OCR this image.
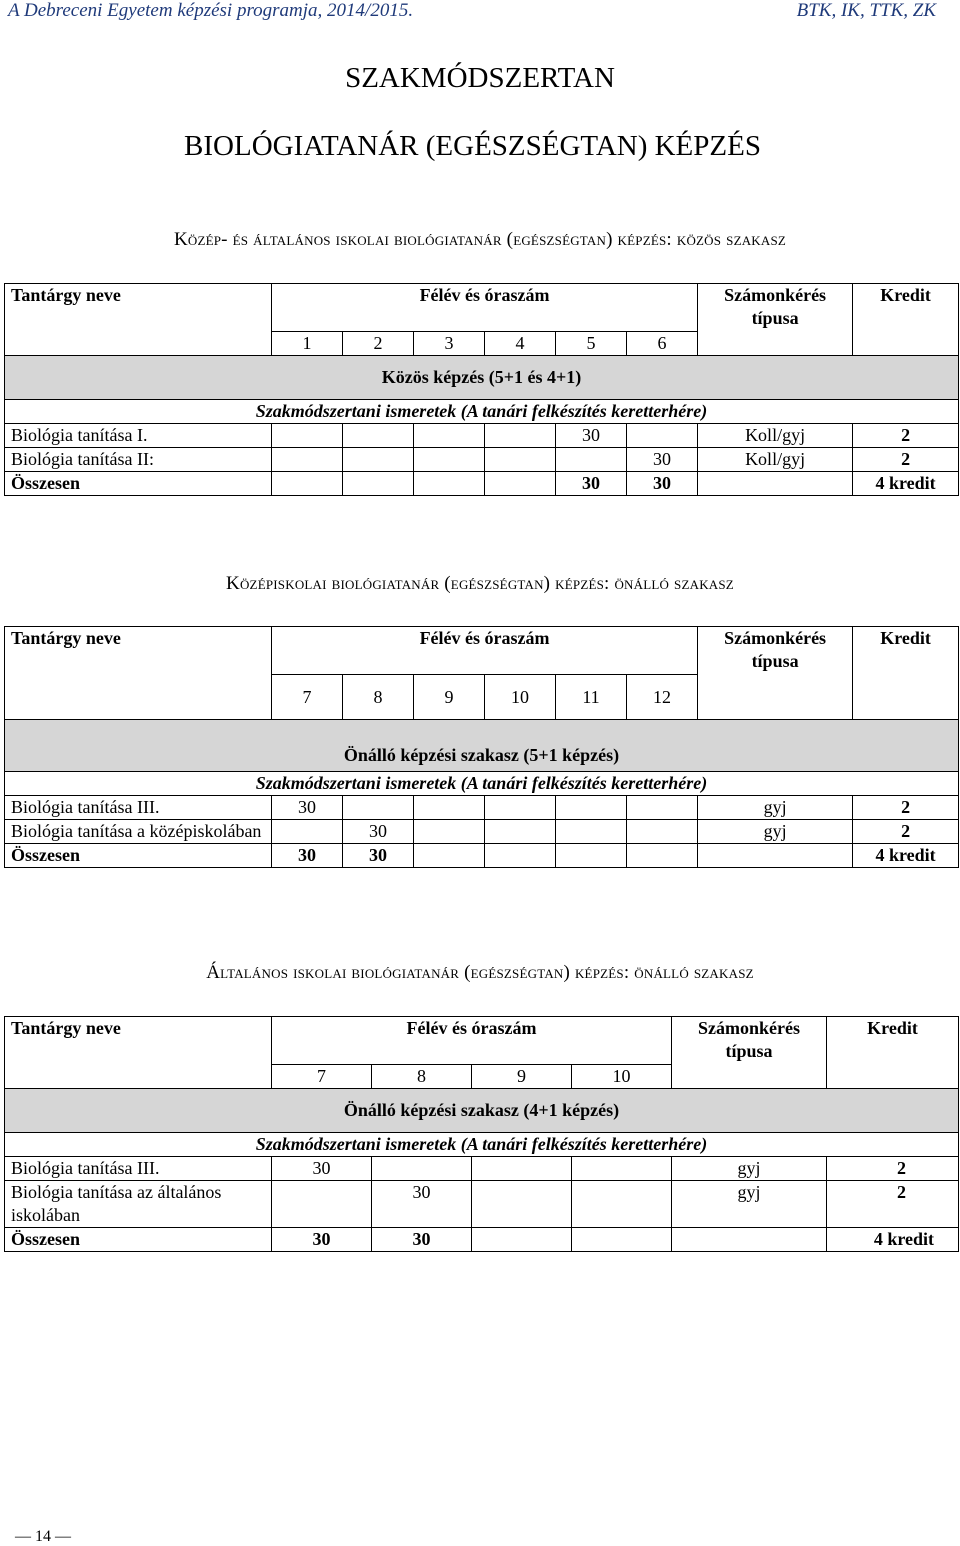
A Debreceni Egyetem képzési programja, 2014/2015.	BTK, IK, TTK, ZK
SZAKMÓDSZERTAN
BIOLÓGIATANÁR (EGÉSZSÉGTAN) KÉPZÉS
Közép- és általános iskolai biológiatanár (egészségtan) képzés: közös szakasz
Tantárgy neve	Félév és óraszám						Számonkérés típusa	Kredit
	1	2	3	4	5	6		
Közös képzés (5+1 és 4+1)								
Szakmódszertani ismeretek (A tanári felkészítés keretterhére)								
Biológia tanítása I.					30		Koll/gyj	2
Biológia tanítása II:						30	Koll/gyj	2
Összesen					30	30		4 kredit
Középiskolai biológiatanár (egészségtan) képzés: önálló szakasz
Tantárgy neve	Félév és óraszám						Számonkérés típusa	Kredit
	7	8	9	10	11	12		
Önálló képzési szakasz (5+1 képzés)								
Szakmódszertani ismeretek (A tanári felkészítés keretterhére)								
Biológia tanítása III.	30						gyj	2
Biológia tanítása a középiskolában		30					gyj	2
Összesen	30	30						4 kredit
Általános iskolai biológiatanár (egészségtan) képzés: önálló szakasz
Tantárgy neve	Félév és óraszám				Számonkérés típusa	Kredit
	7	8	9	10		
Önálló képzési szakasz (4+1 képzés)						
Szakmódszertani ismeretek (A tanári felkészítés keretterhére)						
Biológia tanítása III.	30				gyj	2
Biológia tanítása az általános iskolában		30			gyj	2
Összesen	30	30				4 kredit
— 14 —
